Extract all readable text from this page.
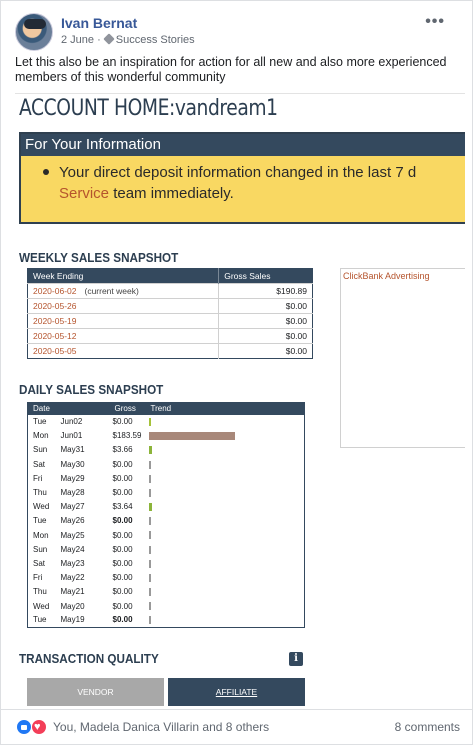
Ivan Bernat
2 June · Success Stories
•••
Let this also be an inspiration for action for all new and also more experienced members of this wonderful community
ACCOUNT HOME:vandream1
For Your Information
Your direct deposit information changed in the last 7 d
Service team immediately.
WEEKLY SALES SNAPSHOT
Week Ending	Gross Sales
2020-06-02 (current week)	$190.89
2020-05-26	$0.00
2020-05-19	$0.00
2020-05-12	$0.00
2020-05-05	$0.00
ClickBank Advertising
DAILY SALES SNAPSHOT
Date		Gross	Trend
Tue	Jun02	$0.00	
Mon	Jun01	$183.59	
Sun	May31	$3.66	
Sat	May30	$0.00	
Fri	May29	$0.00	
Thu	May28	$0.00	
Wed	May27	$3.64	
Tue	May26	$0.00	
Mon	May25	$0.00	
Sun	May24	$0.00	
Sat	May23	$0.00	
Fri	May22	$0.00	
Thu	May21	$0.00	
Wed	May20	$0.00	
Tue	May19	$0.00	
TRANSACTION QUALITY	i
VENDOR	AFFILIATE
♥
You, Madela Danica Villarin and 8 others	8 comments
